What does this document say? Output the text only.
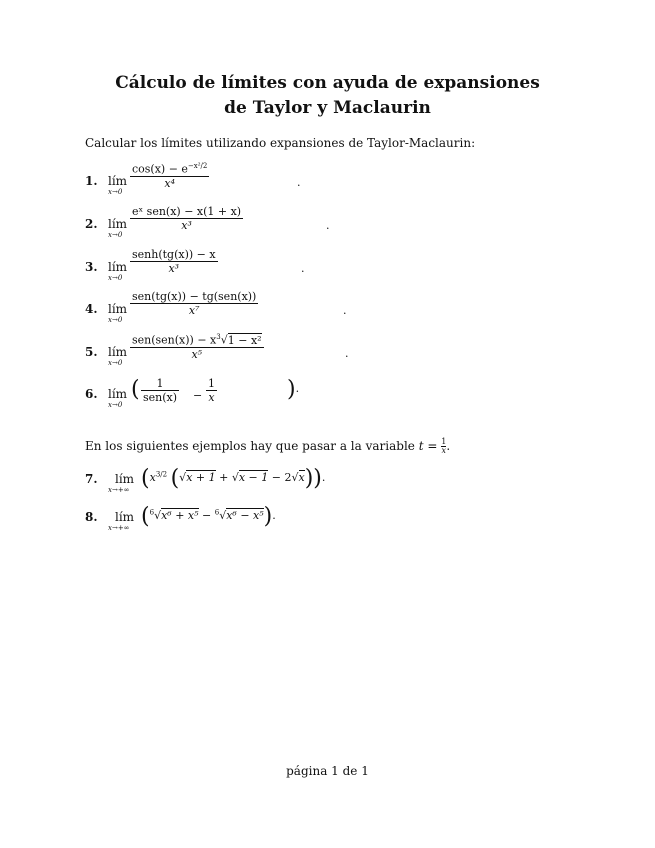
Cálculo de límites con ayuda de expansiones
de Taylor y Maclaurin
Calcular los límites utilizando expansiones de Taylor-Maclaurin:
1. lím
x→0
$\frac{\cos(x) - e^{-x^2/2}}{\text{x⁴}}$	.
2. lím
x→0
eˣ sen(x) − x(1 + x)
x³	.
3. lím
x→0
senh(tg(x)) − x
x³	.
4. lím
x→0
sen(tg(x)) − tg(sen(x))
x⁷	.
5. lím
x→0
$sen(sen(x)) - x^3√1 - x^2$
x⁵	.
6. lím
x→0
(	1
$sen(x) - \frac{1}{x}$	).
En los siguientes ejemplos hay que pasar a la variable $t = \frac{1}{x}$ .
7. lím
x→+∞ ($x^{3/2}$ (√x + 1 + √x − 1 − 2√x)).
8. lím
x→+∞ ($^6$√x⁶ + x⁵ − $^6$√x⁶ − x⁵).
página 1 de 1
